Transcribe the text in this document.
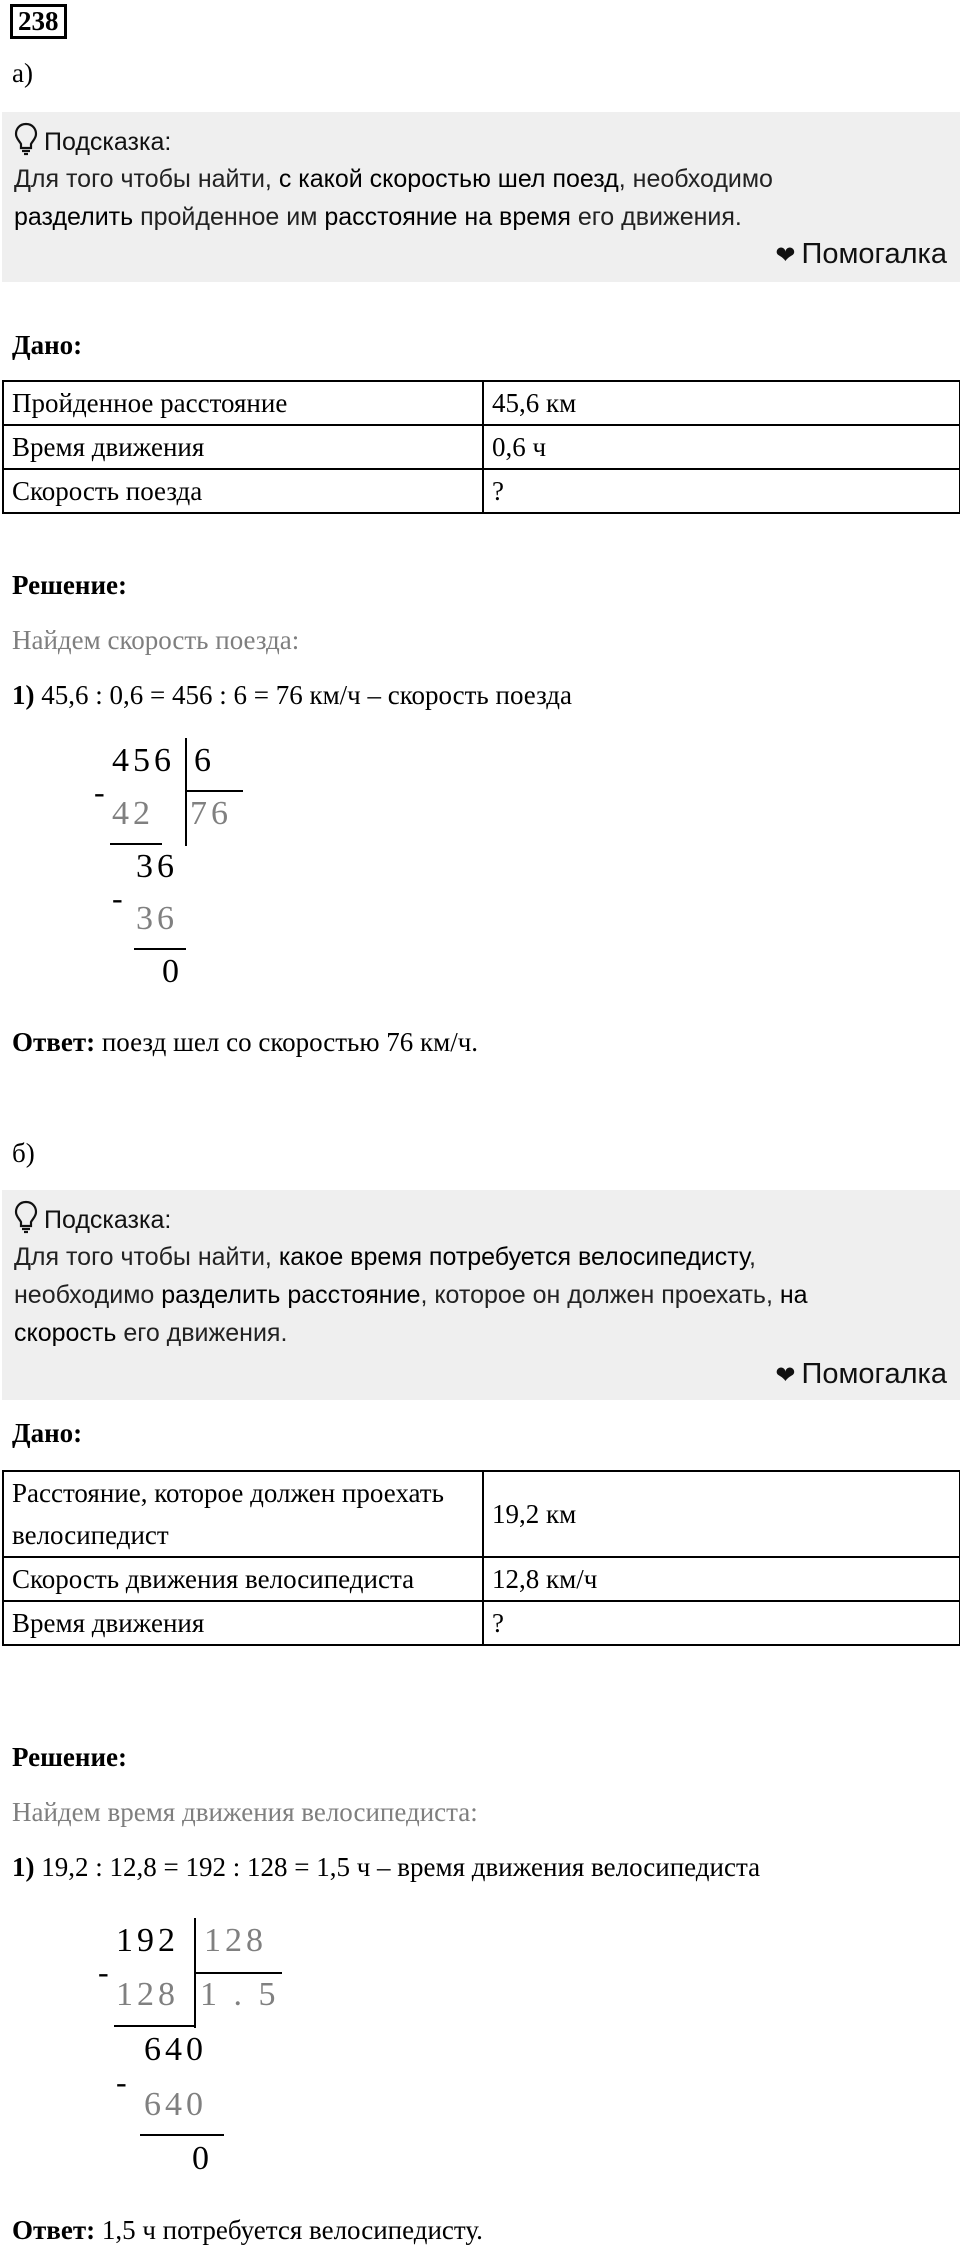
238
а)
Подсказка:
Для того чтобы найти, с какой скоростью шел поезд, необходимо
разделить пройденное им расстояние на время его движения.
❤ Помогалка
Дано:
Пройденное расстояние	45,6 км
Время движения	0,6 ч
Скорость поезда	?
Решение:
Найдем скорость поезда:
1) 45,6 : 0,6 = 456 : 6 = 76 км/ч – скорость поезда
456 6
-
42 76
36
-
36
0
Ответ: поезд шел со скоростью 76 км/ч.
б)
Подсказка:
Для того чтобы найти, какое время потребуется велосипедисту,
необходимо разделить расстояние, которое он должен проехать, на
скорость его движения.
❤ Помогалка
Дано:
Расстояние, которое должен проехать велосипедист	19,2 км
Скорость движения велосипедиста	12,8 км/ч
Время движения	?
Решение:
Найдем время движения велосипедиста:
1) 19,2 : 12,8 = 192 : 128 = 1,5 ч – время движения велосипедиста
192 128
-
128 1 . 5
640
-
640
0
Ответ: 1,5 ч потребуется велосипедисту.
